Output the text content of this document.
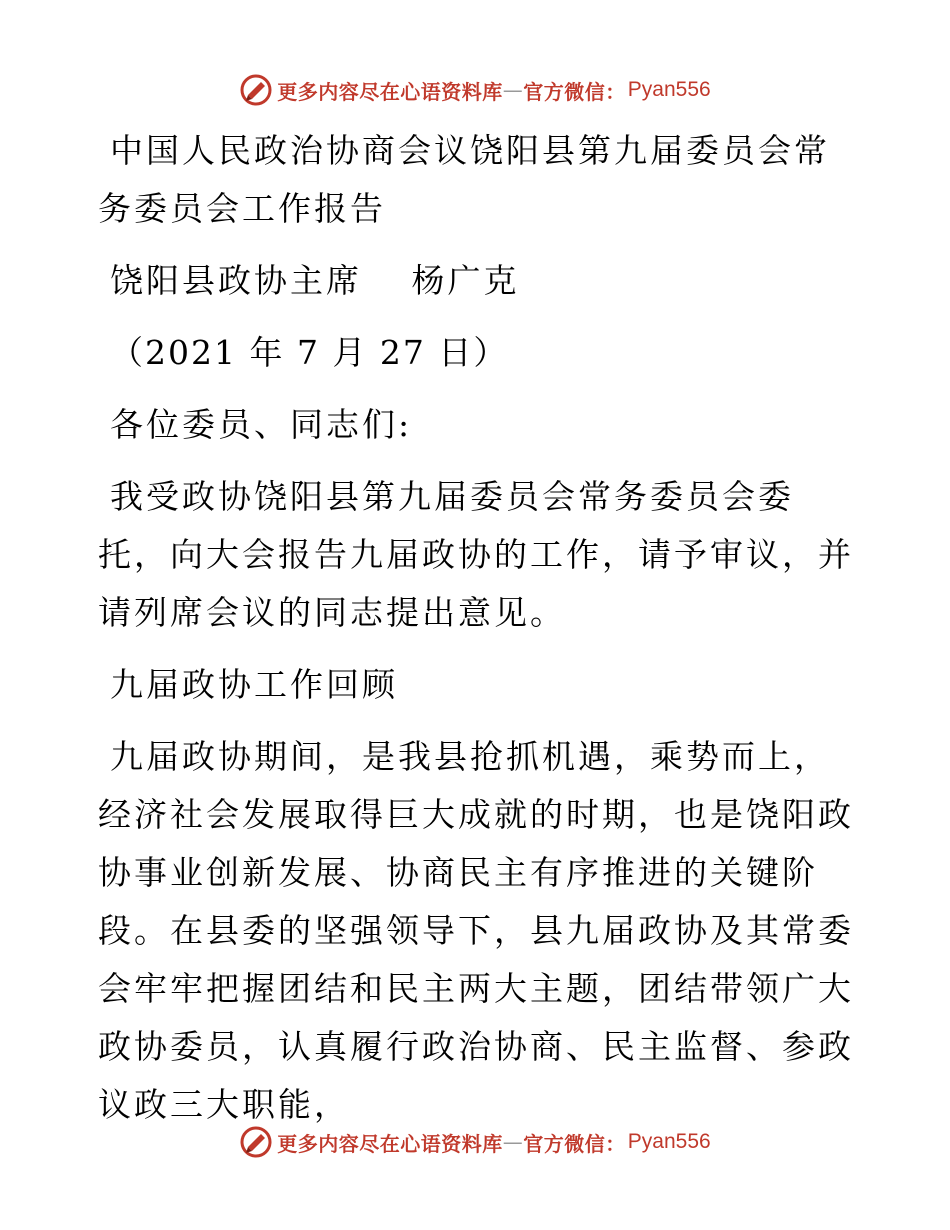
更多内容尽在心语资料库 — 官方微信： Pyan556

中国人民政治协商会议饶阳县第九届委员会常务委员会工作报告

饶阳县政协主席　 杨广克

（2021 年 7 月 27 日）

各位委员、同志们:

我受政协饶阳县第九届委员会常务委员会委托，向大会报告九届政协的工作，请予审议，并请列席会议的同志提出意见。

九届政协工作回顾

九届政协期间，是我县抢抓机遇，乘势而上，经济社会发展取得巨大成就的时期，也是饶阳政协事业创新发展、协商民主有序推进的关键阶段。在县委的坚强领导下，县九届政协及其常委会牢牢把握团结和民主两大主题，团结带领广大政协委员，认真履行政治协商、民主监督、参政议政三大职能，

更多内容尽在心语资料库 — 官方微信： Pyan556
